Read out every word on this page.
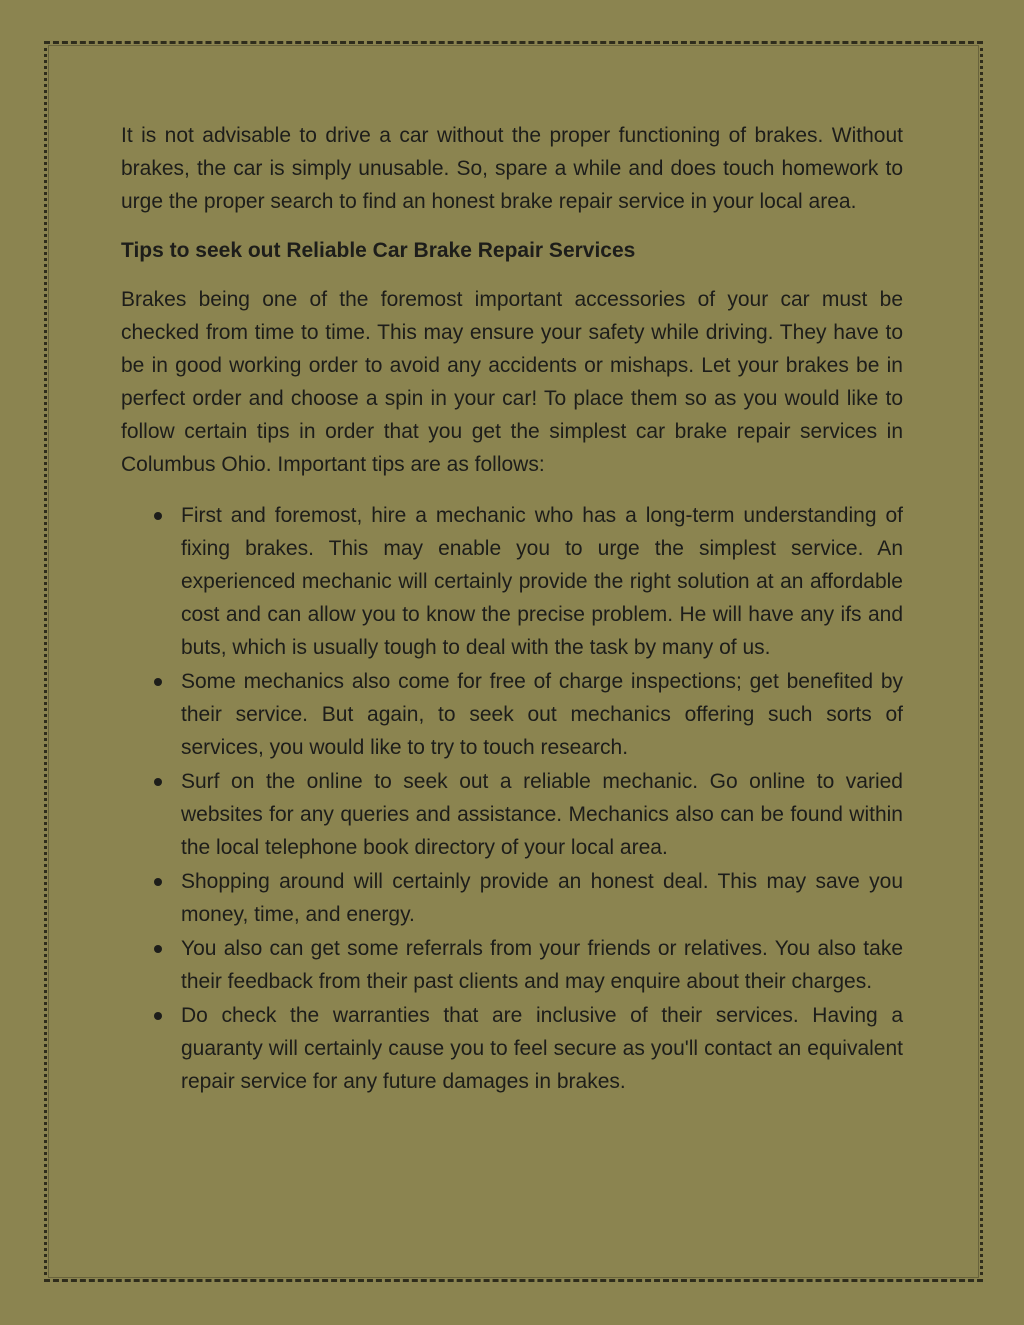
It is not advisable to drive a car without the proper functioning of brakes. Without brakes, the car is simply unusable. So, spare a while and does touch homework to urge the proper search to find an honest brake repair service in your local area.

Tips to seek out Reliable Car Brake Repair Services

Brakes being one of the foremost important accessories of your car must be checked from time to time. This may ensure your safety while driving. They have to be in good working order to avoid any accidents or mishaps. Let your brakes be in perfect order and choose a spin in your car! To place them so as you would like to follow certain tips in order that you get the simplest car brake repair services in Columbus Ohio. Important tips are as follows:

First and foremost, hire a mechanic who has a long-term understanding of fixing brakes. This may enable you to urge the simplest service. An experienced mechanic will certainly provide the right solution at an affordable cost and can allow you to know the precise problem. He will have any ifs and buts, which is usually tough to deal with the task by many of us.
Some mechanics also come for free of charge inspections; get benefited by their service. But again, to seek out mechanics offering such sorts of services, you would like to try to touch research.
Surf on the online to seek out a reliable mechanic. Go online to varied websites for any queries and assistance. Mechanics also can be found within the local telephone book directory of your local area.
Shopping around will certainly provide an honest deal. This may save you money, time, and energy.
You also can get some referrals from your friends or relatives. You also take their feedback from their past clients and may enquire about their charges.
Do check the warranties that are inclusive of their services. Having a guaranty will certainly cause you to feel secure as you'll contact an equivalent repair service for any future damages in brakes.
